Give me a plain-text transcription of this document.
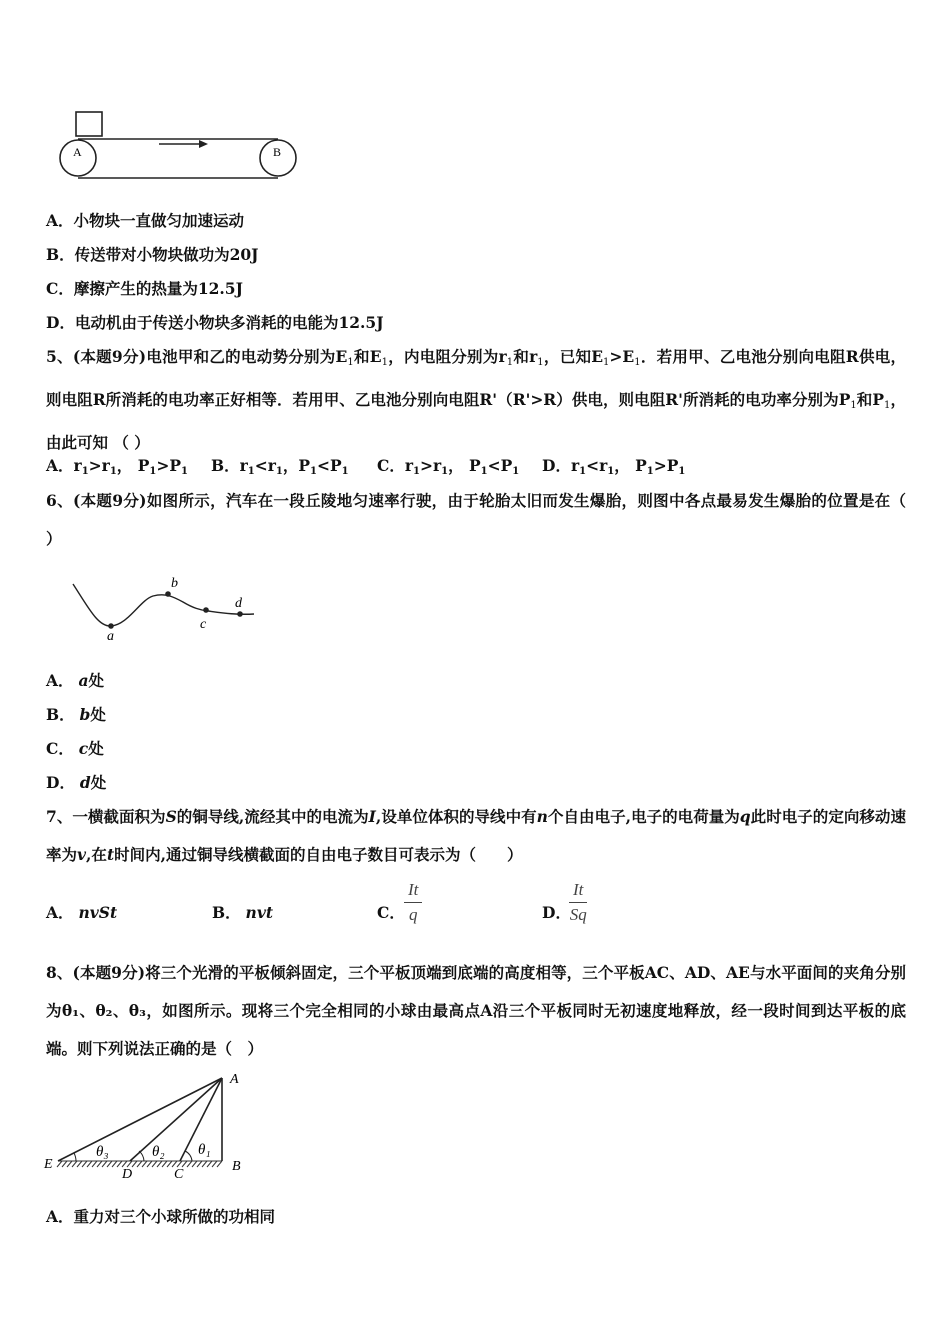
A	B
A．小物块一直做匀加速运动
B．传送带对小物块做功为20J
C．摩擦产生的热量为12.5J
D．电动机由于传送小物块多消耗的电能为12.5J
5、(本题9分)电池甲和乙的电动势分别为$E_1$和$E_1$，内电阻分别为$r_1$和$r_1$，已知$E_1>E_1$．若用甲、乙电池分别向电阻R供电，则电阻R所消耗的电功率正好相等．若用甲、乙电池分别向电阻R'（R'>R）供电，则电阻R'所消耗的电功率分别为$P_1$和$P_1$，由此可知 （ ）
A．$r_1>r_1$， $P_1>P_1$ B．$r_1<r_1$，$P_1<P_1$ C．$r_1>r_1$， $P_1<P_1$ D．$r_1<r_1$， $P_1>P_1$
6、(本题9分)如图所示，汽车在一段丘陵地匀速率行驶，由于轮胎太旧而发生爆胎，则图中各点最易发生爆胎的位置是在（　 ）
a
b
c
d
A． a处
B． b处
C． c处
D． d处
7、一横截面积为S的铜导线,流经其中的电流为I,设单位体积的导线中有n个自由电子,电子的电荷量为q此时电子的定向移动速率为v,在t时间内,通过铜导线横截面的自由电子数目可表示为（　　）
A． nvSt	B． nvt	C． $\frac{It}{q}$	D．
$\frac{It}{Sq}$
8、(本题9分)将三个光滑的平板倾斜固定，三个平板顶端到底端的高度相等，三个平板AC、AD、AE与水平面间的夹角分别为θ₁、θ₂、θ₃，如图所示。现将三个完全相同的小球由最高点A沿三个平板同时无初速度地释放，经一段时间到达平板的底端。则下列说法正确的是（　）
A
B
C
D
E
θ₃	θ₂ θ₁
A．重力对三个小球所做的功相同
